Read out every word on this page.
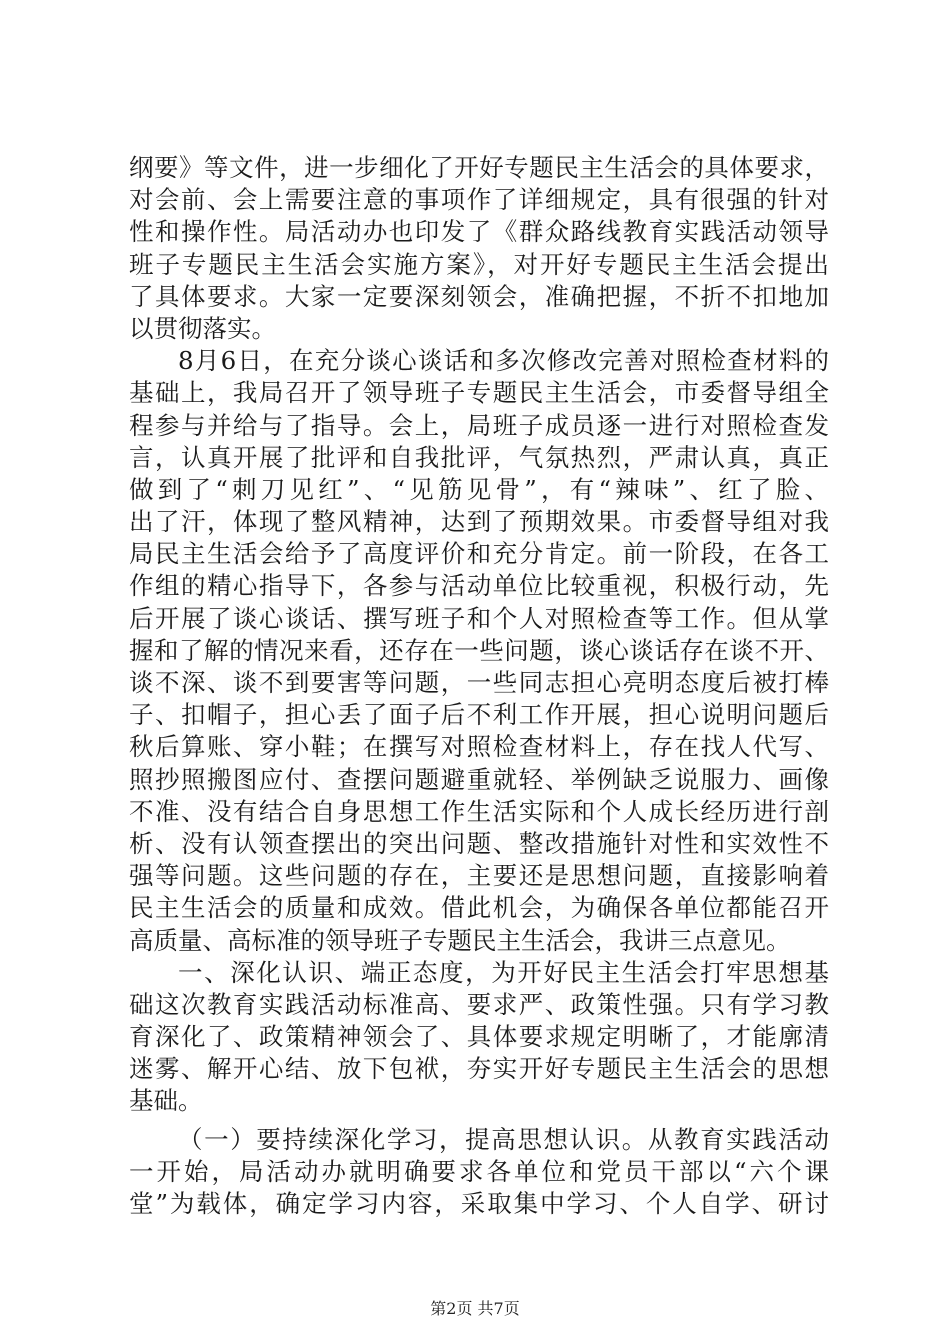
纲要》等文件，进一步细化了开好专题民主生活会的具体要求，
对会前、会上需要注意的事项作了详细规定，具有很强的针对
性和操作性。局活动办也印发了《群众路线教育实践活动领导
班子专题民主生活会实施方案》，对开好专题民主生活会提出
了具体要求。大家一定要深刻领会，准确把握，不折不扣地加
以贯彻落实。
8月6日，在充分谈心谈话和多次修改完善对照检查材料的
基础上，我局召开了领导班子专题民主生活会，市委督导组全
程参与并给与了指导。会上，局班子成员逐一进行对照检查发
言，认真开展了批评和自我批评，气氛热烈，严肃认真，真正
做到了“刺刀见红”、“见筋见骨”，有“辣味”、红了脸、
出了汗，体现了整风精神，达到了预期效果。市委督导组对我
局民主生活会给予了高度评价和充分肯定。前一阶段，在各工
作组的精心指导下，各参与活动单位比较重视，积极行动，先
后开展了谈心谈话、撰写班子和个人对照检查等工作。但从掌
握和了解的情况来看，还存在一些问题，谈心谈话存在谈不开、
谈不深、谈不到要害等问题，一些同志担心亮明态度后被打棒
子、扣帽子，担心丢了面子后不利工作开展，担心说明问题后
秋后算账、穿小鞋；在撰写对照检查材料上，存在找人代写、
照抄照搬图应付、查摆问题避重就轻、举例缺乏说服力、画像
不准、没有结合自身思想工作生活实际和个人成长经历进行剖
析、没有认领查摆出的突出问题、整改措施针对性和实效性不
强等问题。这些问题的存在，主要还是思想问题，直接影响着
民主生活会的质量和成效。借此机会，为确保各单位都能召开
高质量、高标准的领导班子专题民主生活会，我讲三点意见。
一、深化认识、端正态度，为开好民主生活会打牢思想基
础这次教育实践活动标准高、要求严、政策性强。只有学习教
育深化了、政策精神领会了、具体要求规定明晰了，才能廓清
迷雾、解开心结、放下包袱，夯实开好专题民主生活会的思想
基础。
（一）要持续深化学习，提高思想认识。从教育实践活动
一开始，局活动办就明确要求各单位和党员干部以“六个课
堂”为载体，确定学习内容，采取集中学习、个人自学、研讨
第2页 共7页
